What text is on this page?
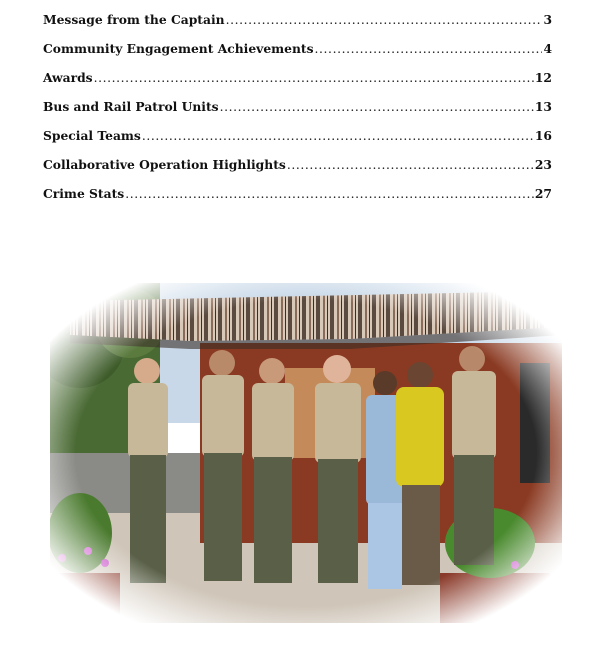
Message from the Captain .....	3
Community Engagement Achievements .....	4
Awards .....	12
Bus and Rail Patrol Units .....	13
Special Teams .....	16
Collaborative Operation Highlights .....	23
Crime Stats .....	27
